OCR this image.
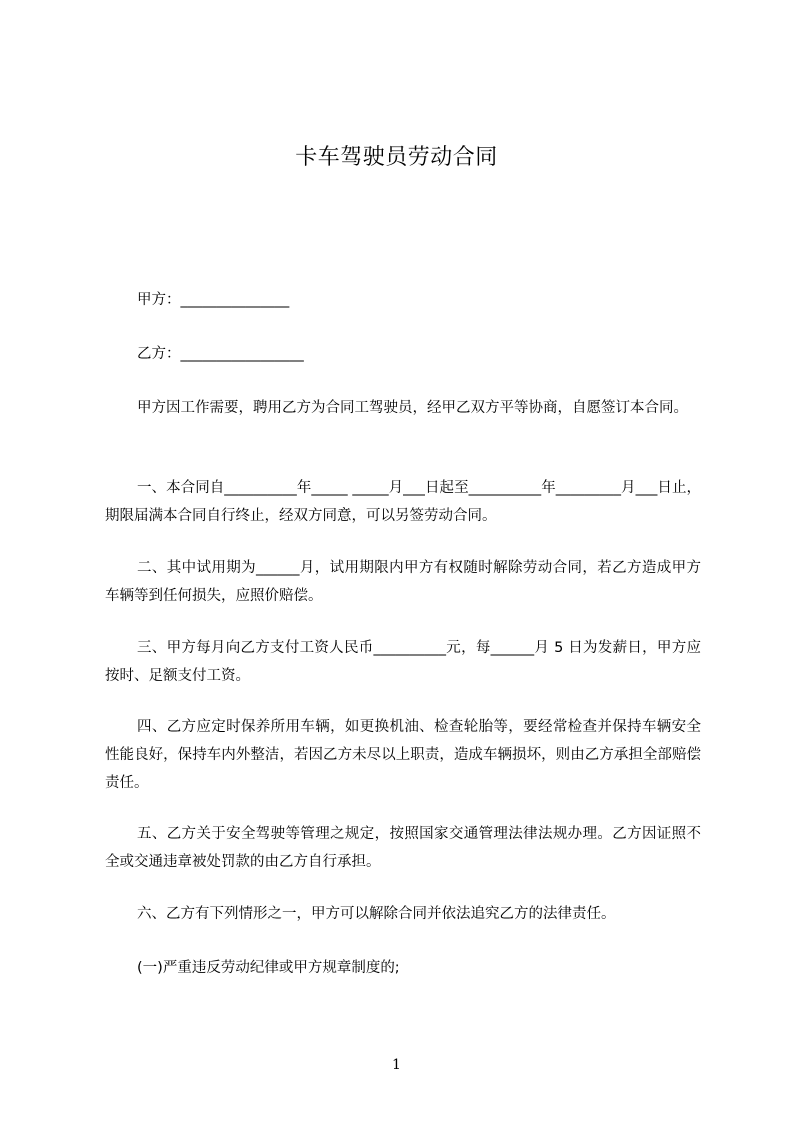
卡车驾驶员劳动合同
甲方：_______________
乙方：_________________
甲方因工作需要，聘用乙方为合同工驾驶员，经甲乙双方平等协商，自愿签订本合同。
一、本合同自__________年_____ _____月___日起至__________年_________月___日止，期限届满本合同自行终止，经双方同意，可以另签劳动合同。
二、其中试用期为______月，试用期限内甲方有权随时解除劳动合同，若乙方造成甲方车辆等到任何损失，应照价赔偿。
三、甲方每月向乙方支付工资人民币__________元，每______月 5 日为发薪日，甲方应按时、足额支付工资。
四、乙方应定时保养所用车辆，如更换机油、检查轮胎等，要经常检查并保持车辆安全性能良好，保持车内外整洁，若因乙方未尽以上职责，造成车辆损坏，则由乙方承担全部赔偿责任。
五、乙方关于安全驾驶等管理之规定，按照国家交通管理法律法规办理。乙方因证照不全或交通违章被处罚款的由乙方自行承担。
六、乙方有下列情形之一，甲方可以解除合同并依法追究乙方的法律责任。
(一)严重违反劳动纪律或甲方规章制度的;
1
